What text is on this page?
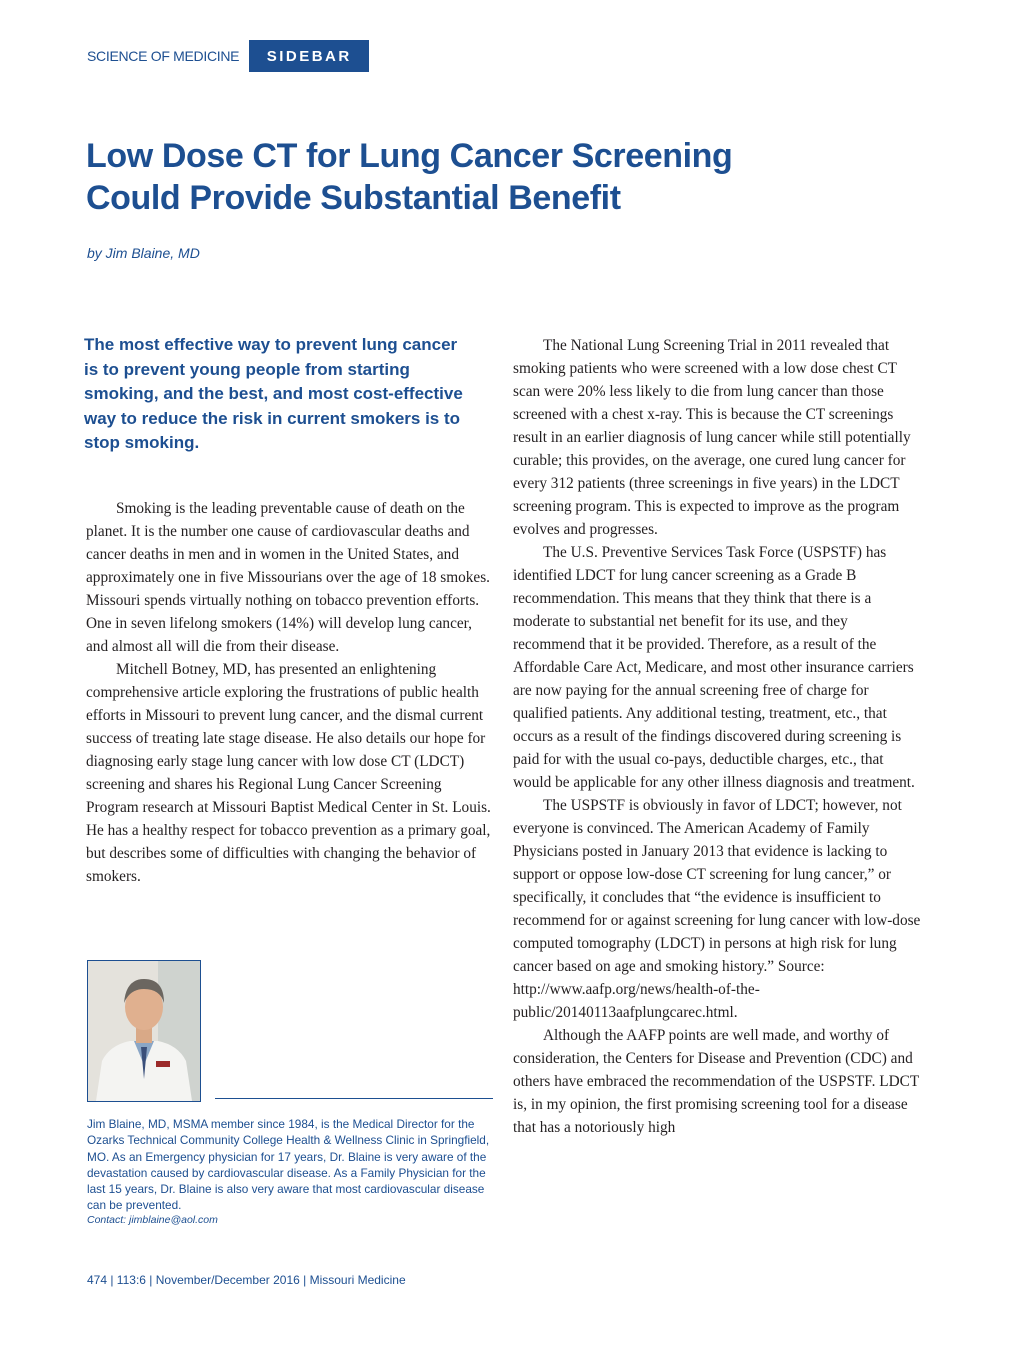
SCIENCE OF MEDICINE	SIDEBAR
Low Dose CT for Lung Cancer Screening
Could Provide Substantial Benefit
by Jim Blaine, MD

The most effective way to prevent lung cancer is to prevent young people from starting smoking, and the best, and most cost-effective way to reduce the risk in current smokers is to stop smoking.

Smoking is the leading preventable cause of death on the planet. It is the number one cause of cardiovascular deaths and cancer deaths in men and in women in the United States, and approximately one in five Missourians over the age of 18 smokes. Missouri spends virtually nothing on tobacco prevention efforts. One in seven lifelong smokers (14%) will develop lung cancer, and almost all will die from their disease.

Mitchell Botney, MD, has presented an enlightening comprehensive article exploring the frustrations of public health efforts in Missouri to prevent lung cancer, and the dismal current success of treating late stage disease. He also details our hope for diagnosing early stage lung cancer with low dose CT (LDCT) screening and shares his Regional Lung Cancer Screening Program research at Missouri Baptist Medical Center in St. Louis. He has a healthy respect for tobacco prevention as a primary goal, but describes some of difficulties with changing the behavior of smokers.

The National Lung Screening Trial in 2011 revealed that smoking patients who were screened with a low dose chest CT scan were 20% less likely to die from lung cancer than those screened with a chest x-ray. This is because the CT screenings result in an earlier diagnosis of lung cancer while still potentially curable; this provides, on the average, one cured lung cancer for every 312 patients (three screenings in five years) in the LDCT screening program. This is expected to improve as the program evolves and progresses.

The U.S. Preventive Services Task Force (USPSTF) has identified LDCT for lung cancer screening as a Grade B recommendation. This means that they think that there is a moderate to substantial net benefit for its use, and they recommend that it be provided. Therefore, as a result of the Affordable Care Act, Medicare, and most other insurance carriers are now paying for the annual screening free of charge for qualified patients. Any additional testing, treatment, etc., that occurs as a result of the findings discovered during screening is paid for with the usual co-pays, deductible charges, etc., that would be applicable for any other illness diagnosis and treatment.

The USPSTF is obviously in favor of LDCT; however, not everyone is convinced. The American Academy of Family Physicians posted in January 2013 that evidence is lacking to support or oppose low-dose CT screening for lung cancer,” or specifically, it concludes that “the evidence is insufficient to recommend for or against screening for lung cancer with low-dose computed tomography (LDCT) in persons at high risk for lung cancer based on age and smoking history.” Source: http://www.aafp.org/news/health-of-the-public/20140113aafplungcarec.html.

Although the AAFP points are well made, and worthy of consideration, the Centers for Disease and Prevention (CDC) and others have embraced the recommendation of the USPSTF. LDCT is, in my opinion, the first promising screening tool for a disease that has a notoriously high

Jim Blaine, MD, MSMA member since 1984, is the Medical Director for the Ozarks Technical Community College Health & Wellness Clinic in Springfield, MO. As an Emergency physician for 17 years, Dr. Blaine is very aware of the devastation caused by cardiovascular disease. As a Family Physician for the last 15 years, Dr. Blaine is also very aware that most cardiovascular disease can be prevented.

Contact: jimblaine@aol.com
474 | 113:6 | November/December 2016 | Missouri Medicine
